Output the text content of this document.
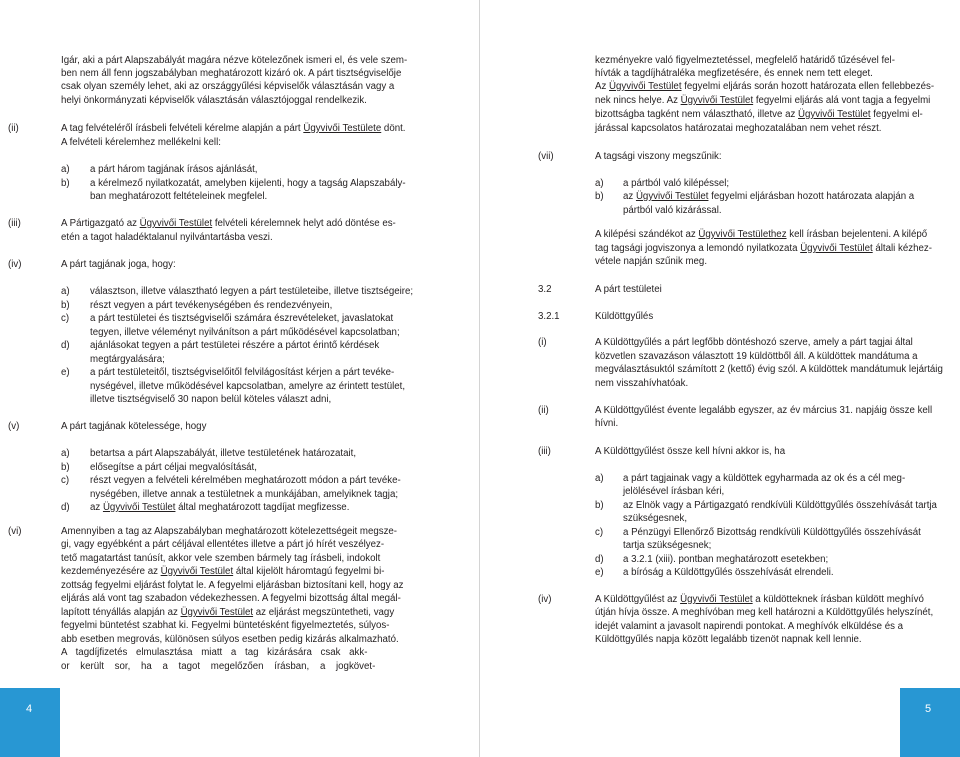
Igár, aki a párt Alapszabályát magára nézve kötelezőnek ismeri el, és vele szem-
ben nem áll fenn jogszabályban meghatározott kizáró ok. A párt tisztségviselője
csak olyan személy lehet, aki az országgyűlési képviselők választásán vagy a
helyi önkormányzati képviselők választásán választójoggal rendelkezik.
(ii)	A tag felvételéről írásbeli felvételi kérelme alapján a párt Ügyvivői Testülete dönt.
A felvételi kérelemhez mellékelni kell:
a) a párt három tagjának írásos ajánlását,
b) a kérelmező nyilatkozatát, amelyben kijelenti, hogy a tagság Alapszabály-
ban meghatározott feltételeinek megfelel.
(iii)	A Pártigazgató az Ügyvivői Testület felvételi kérelemnek helyt adó döntése es-
etén a tagot haladéktalanul nyilvántartásba veszi.
(iv)	A párt tagjának joga, hogy:
a) választson, illetve választható legyen a párt testületeibe, illetve tisztségeire;
b) részt vegyen a párt tevékenységében és rendezvényein,
c) a párt testületei és tisztségviselői számára észrevételeket, javaslatokat
tegyen, illetve véleményt nyilvánítson a párt működésével kapcsolatban;
d) ajánlásokat tegyen a párt testületei részére a pártot érintő kérdések
megtárgyalására;
e) a párt testületeitől, tisztségviselőitől felvilágosítást kérjen a párt tevéke-
nységével, illetve működésével kapcsolatban, amelyre az érintett testület,
illetve tisztségviselő 30 napon belül köteles választ adni,
(v)	A párt tagjának kötelessége, hogy
a) betartsa a párt Alapszabályát, illetve testületének határozatait,
b) elősegítse a párt céljai megvalósítását,
c) részt vegyen a felvételi kérelmében meghatározott módon a párt tevéke-
nységében, illetve annak a testületnek a munkájában, amelyiknek tagja;
d) az Ügyvivői Testület által meghatározott tagdíjat megfizesse.
(vi)	Amennyiben a tag az Alapszabályban meghatározott kötelezettségeit megsze-
gi, vagy egyébként a párt céljával ellentétes illetve a párt jó hírét veszélyez-
tető magatartást tanúsít, akkor vele szemben bármely tag írásbeli, indokolt
kezdeményezésére az Ügyvivői Testület által kijelölt háromtagú fegyelmi bi-
zottság fegyelmi eljárást folytat le. A fegyelmi eljárásban biztosítani kell, hogy az
eljárás alá vont tag szabadon védekezhessen. A fegyelmi bizottság által megál-
lapított tényállás alapján az Ügyvivői Testület az eljárást megszüntetheti, vagy
fegyelmi büntetést szabhat ki. Fegyelmi büntetésként figyelmeztetés, súlyos-
abb esetben megrovás, különösen súlyos esetben pedig kizárás alkalmazható.
A tagdíjfizetés elmulasztása miatt a tag kizárására csak akk-
or került sor, ha a tagot megelőzően írásban, a jogkövet-
kezményekre való figyelmeztetéssel, megfelelő határidő tűzésével fel-
hívták a tagdíjhátraléka megfizetésére, és ennek nem tett eleget.
Az Ügyvivői Testület fegyelmi eljárás során hozott határozata ellen fellebbezés-
nek nincs helye. Az Ügyvivői Testület fegyelmi eljárás alá vont tagja a fegyelmi
bizottságba tagként nem választható, illetve az Ügyvivői Testület fegyelmi el-
járással kapcsolatos határozatai meghozatalában nem vehet részt.
(vii)	A tagsági viszony megszűnik:
a) a pártból való kilépéssel;
b) az Ügyvivői Testület fegyelmi eljárásban hozott határozata alapján a
pártból való kizárással.
A kilépési szándékot az Ügyvivői Testülethez kell írásban bejelenteni. A kilépő
tag tagsági jogviszonya a lemondó nyilatkozata Ügyvivői Testület általi kézhez-
vétele napján szűnik meg.
3.2	A párt testületei
3.2.1	Küldöttgyűlés
(i)	A Küldöttgyűlés a párt legfőbb döntéshozó szerve, amely a párt tagjai által
közvetlen szavazáson választott 19 küldöttből áll. A küldöttek mandátuma a
megválasztásuktól számított 2 (kettő) évig szól. A küldöttek mandátumuk lejártáig
nem visszahívhatóak.
(ii)	A Küldöttgyűlést évente legalább egyszer, az év március 31. napjáig össze kell
hívni.
(iii)	A Küldöttgyűlést össze kell hívni akkor is, ha
a) a párt tagjainak vagy a küldöttek egyharmada az ok és a cél meg-
jelölésével írásban kéri,
b) az Elnök vagy a Pártigazgató rendkívüli Küldöttgyűlés összehívását tartja
szükségesnek,
c) a Pénzügyi Ellenőrző Bizottság rendkívüli Küldöttgyűlés összehívását
tartja szükségesnek;
d) a 3.2.1 (xiii). pontban meghatározott esetekben;
e) a bíróság a Küldöttgyűlés összehívását elrendeli.
(iv)	A Küldöttgyűlést az Ügyvivői Testület a küldötteknek írásban küldött meghívó
útján hívja össze. A meghívóban meg kell határozni a Küldöttgyűlés helyszínét,
idejét valamint a javasolt napirendi pontokat. A meghívók elküldése és a
Küldöttgyűlés napja között legalább tizenöt napnak kell lennie.
4	5
